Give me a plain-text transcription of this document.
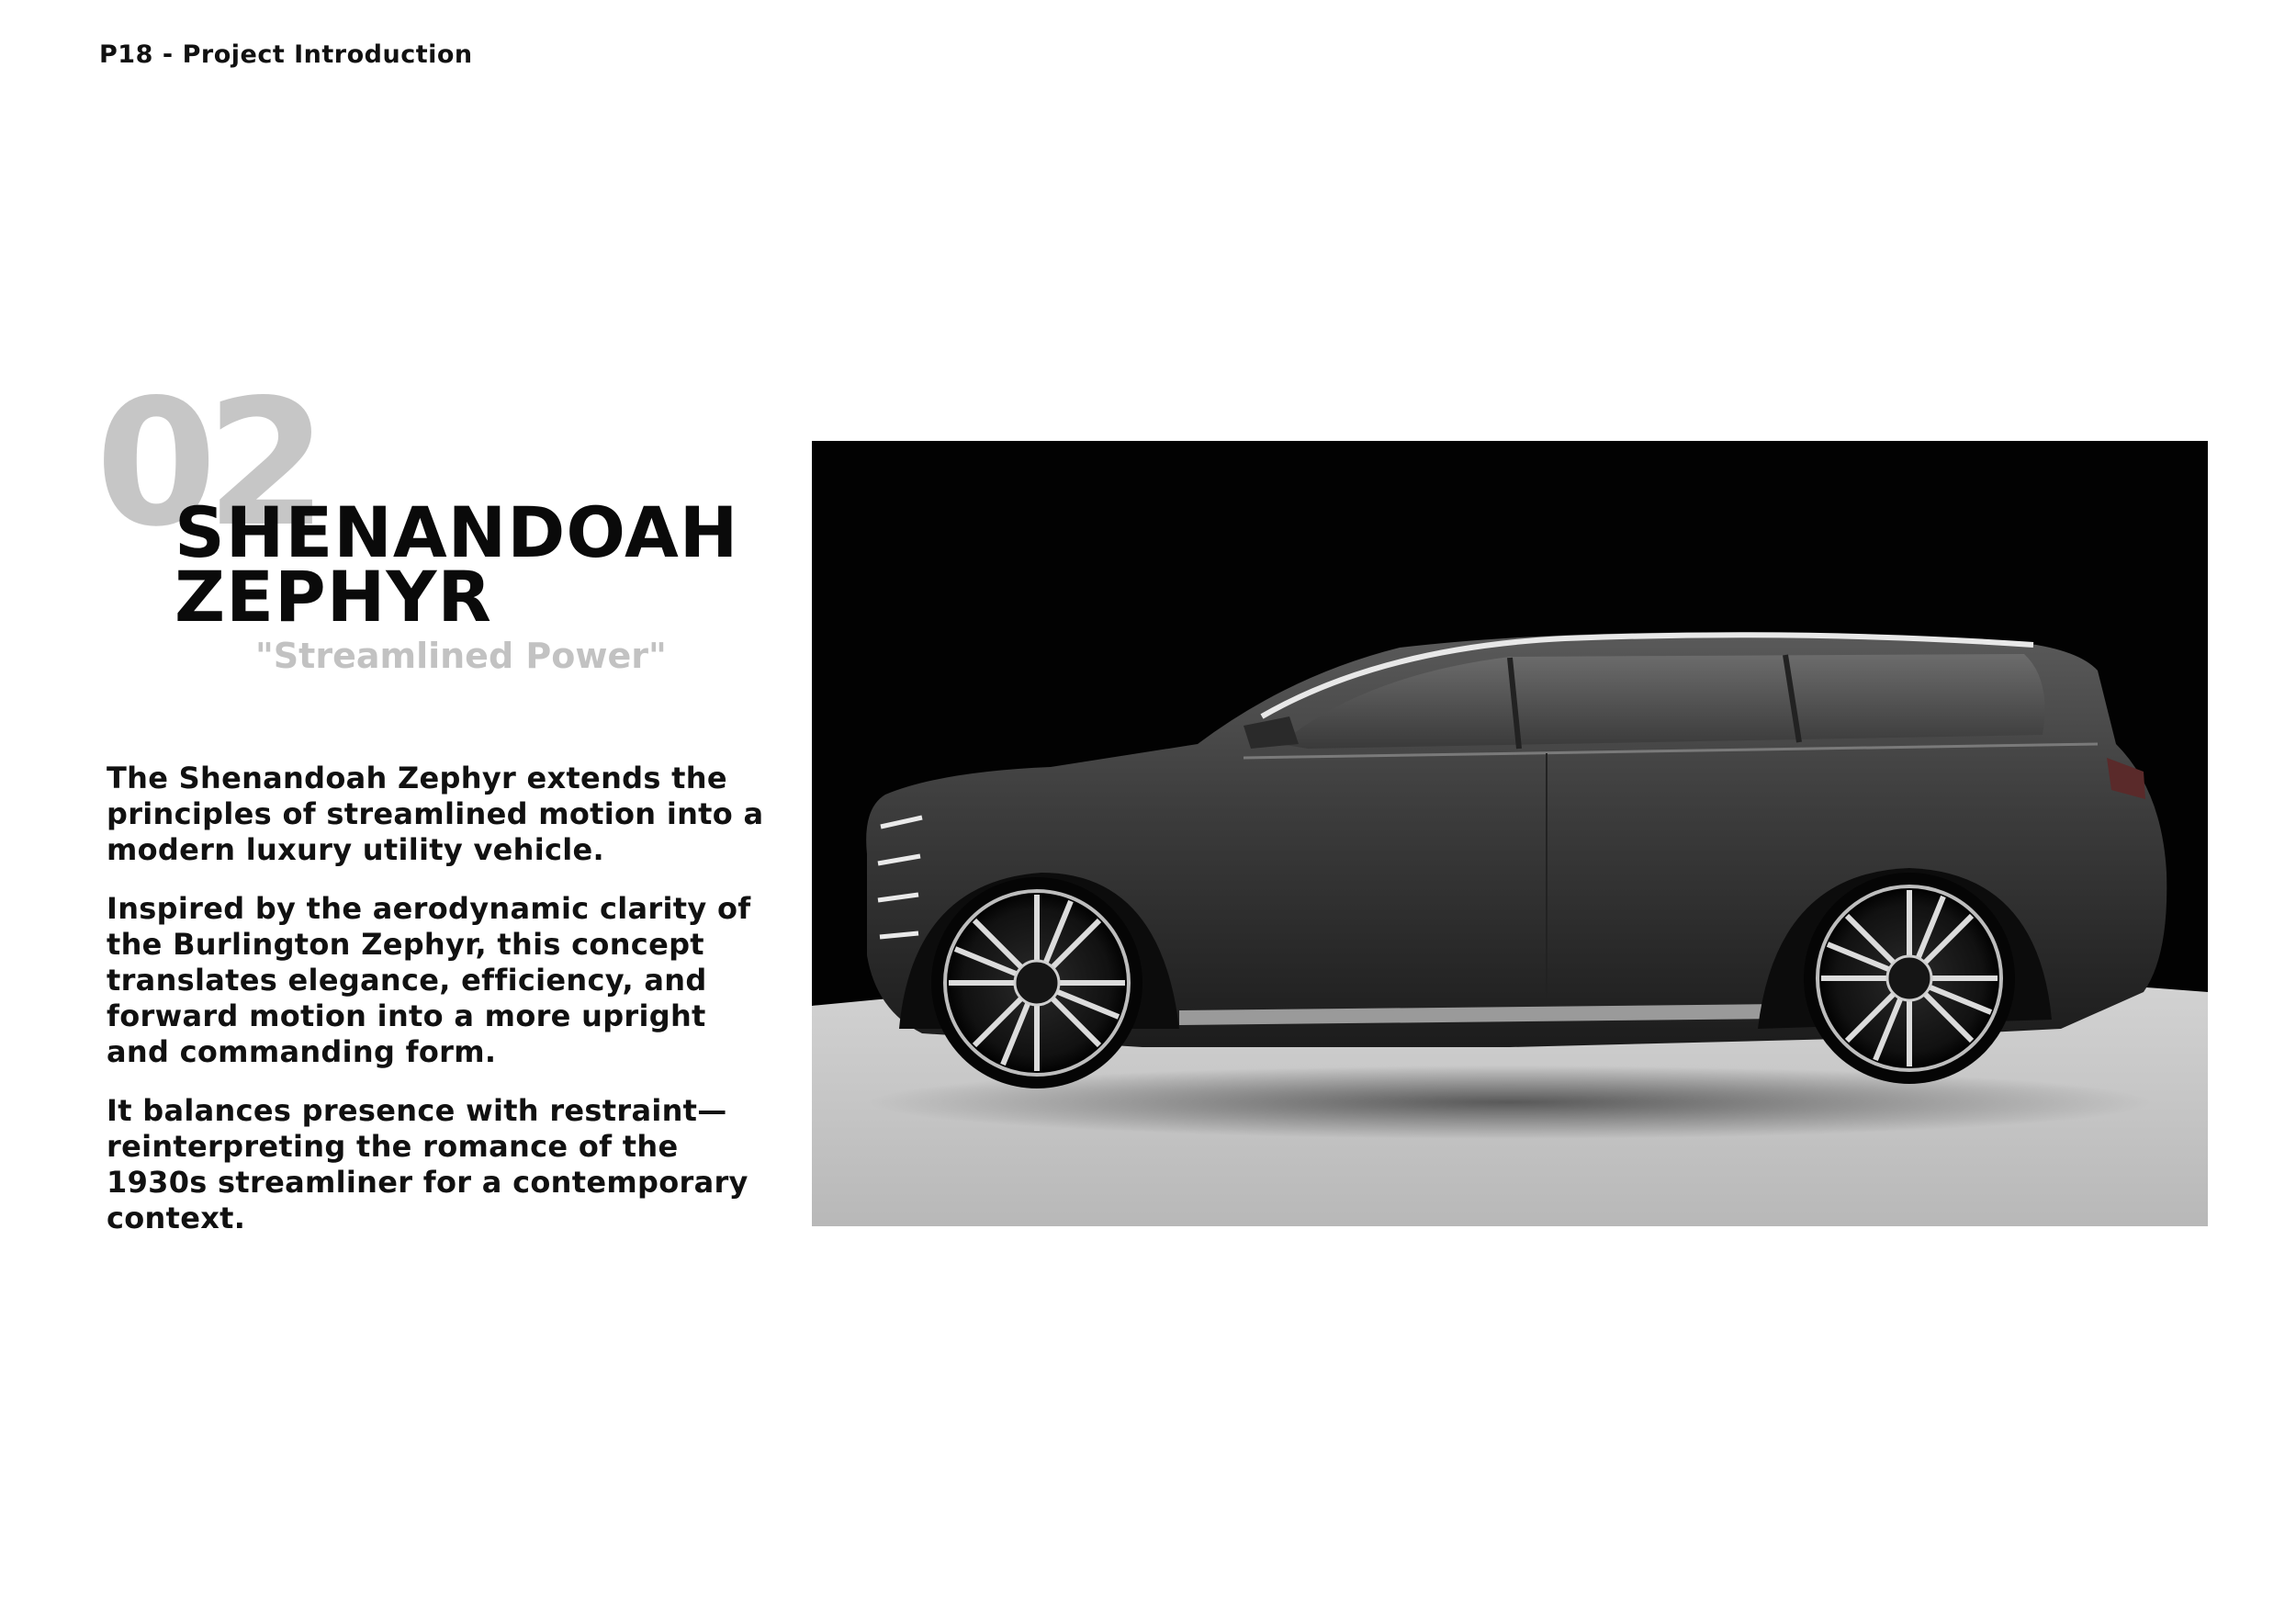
P18 - Project Introduction
02
SHENANDOAH
ZEPHYR
"Streamlined Power"

The Shenandoah Zephyr extends the principles of streamlined motion into a modern luxury utility vehicle.

Inspired by the aerodynamic clarity of the Burlington Zephyr, this concept translates elegance, efficiency, and forward motion into a more upright and commanding form.

It balances presence with restraint—reinterpreting the romance of the 1930s streamliner for a contemporary context.
